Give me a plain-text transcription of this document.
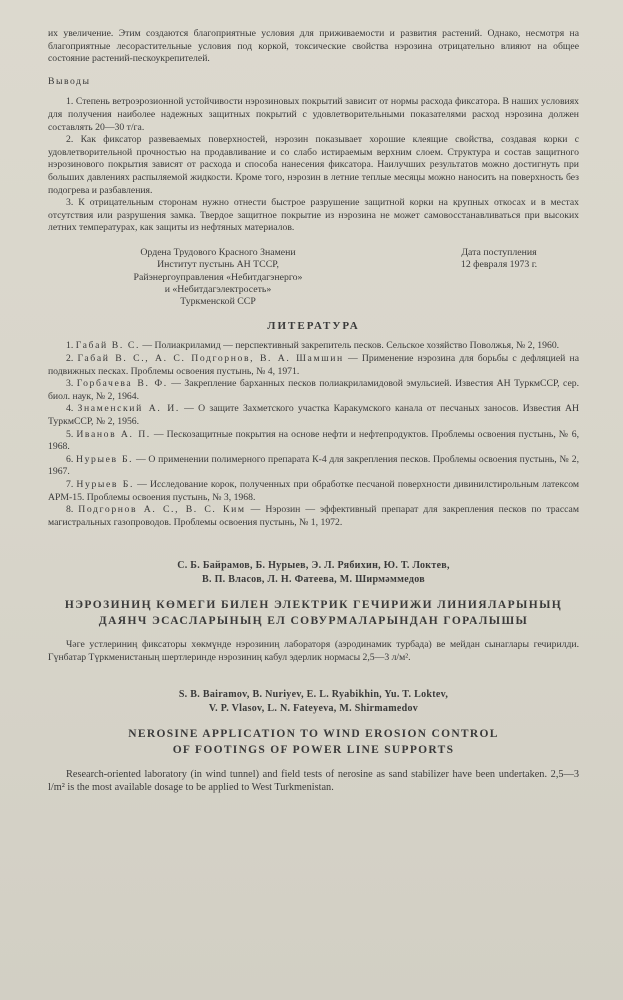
их увеличение. Этим создаются благоприятные условия для приживаемости и развития растений. Однако, несмотря на благоприятные лесорастительные условия под коркой, токсические свойства нэрозина отрицательно влияют на общее состояние растений-пескоукрепителей.

Выводы

1. Степень ветроэрозионной устойчивости нэрозиновых покрытий зависит от нормы расхода фиксатора. В наших условиях для получения наиболее надежных защитных покрытий с удовлетворительными показателями расход нэрозина должен составлять 20—30 т/га.

2. Как фиксатор развеваемых поверхностей, нэрозин показывает хорошие клеящие свойства, создавая корки с удовлетворительной прочностью на продавливание и со слабо истираемым верхним слоем. Структура и состав защитного нэрозинового покрытия зависят от расхода и способа нанесения фиксатора. Наилучших результатов можно достигнуть при больших давлениях распыляемой жидкости. Кроме того, нэрозин в летние теплые месяцы можно наносить на поверхность без подогрева и разбавления.

3. К отрицательным сторонам нужно отнести быстрое разрушение защитной корки на крупных откосах и в местах отсутствия или разрушения замка. Твердое защитное покрытие из нэрозина не может самовосстанавливаться при высоких летних температурах, как защиты из нефтяных материалов.

Ордена Трудового Красного Знамени
Институт пустынь АН ТССР,
Райэнергоуправления «Небитдагэнерго»
и «Небитдагэлектросеть»
Туркменской ССР
Дата поступления
12 февраля 1973 г.

ЛИТЕРАТУРА

1. Габай В. С. — Полиакриламид — перспективный закрепитель песков. Сельское хозяйство Поволжья, № 2, 1960.
2. Габай В. С., А. С. Подгорнов, В. А. Шамшин — Применение нэрозина для борьбы с дефляцией на подвижных песках. Проблемы освоения пустынь, № 4, 1971.
3. Горбачева В. Ф. — Закрепление барханных песков полиакриламидовой эмульсией. Известия АН ТуркмССР, сер. биол. наук, № 2, 1964.
4. Знаменский А. И. — О защите Захметского участка Каракумского канала от песчаных заносов. Известия АН ТуркмССР, № 2, 1956.
5. Иванов А. П. — Пескозащитные покрытия на основе нефти и нефтепродуктов. Проблемы освоения пустынь, № 6, 1968.
6. Нурыев Б. — О применении полимерного препарата К-4 для закрепления песков. Проблемы освоения пустынь, № 2, 1967.
7. Нурыев Б. — Исследование корок, полученных при обработке песчаной поверхности дивинилстирольным латексом АРМ-15. Проблемы освоения пустынь, № 3, 1968.
8. Подгорнов А. С., В. С. Ким — Нэрозин — эффективный препарат для закрепления песков по трассам магистральных газопроводов. Проблемы освоения пустынь, № 1, 1972.
С. Б. Байрамов, Б. Нурыев, Э. Л. Рябихин, Ю. Т. Локтев,
В. П. Власов, Л. Н. Фатеева, М. Ширмәммедов
НЭРОЗИНИҢ КӨМЕГИ БИЛЕН ЭЛЕКТРИК ГЕЧИРИЖИ ЛИНИЯЛАРЫНЫҢ
ДАЯНЧ ЭСАСЛАРЫНЫҢ ЕЛ СОВУРМАЛАРЫНДАН ГОРАЛЫШЫ

Чәге устлериниң фиксаторы хөкмүнде нэрозиниң лабораторя (аэродинамик турбада) ве мейдан сынаглары гечирилди. Гүнбатар Түркменистаның шертлеринде нэрозиниң кабул эдерлик нормасы 2,5—3 л/м².

S. B. Bairamov, B. Nuriyev, E. L. Ryabikhin, Yu. T. Loktev,
V. P. Vlasov, L. N. Fateyeva, M. Shirmamedov
NEROSINE APPLICATION TO WIND EROSION CONTROL
OF FOOTINGS OF POWER LINE SUPPORTS

Research-oriented laboratory (in wind tunnel) and field tests of nerosine as sand stabilizer have been undertaken. 2,5—3 l/m² is the most available dosage to be applied to West Turkmenistan.
